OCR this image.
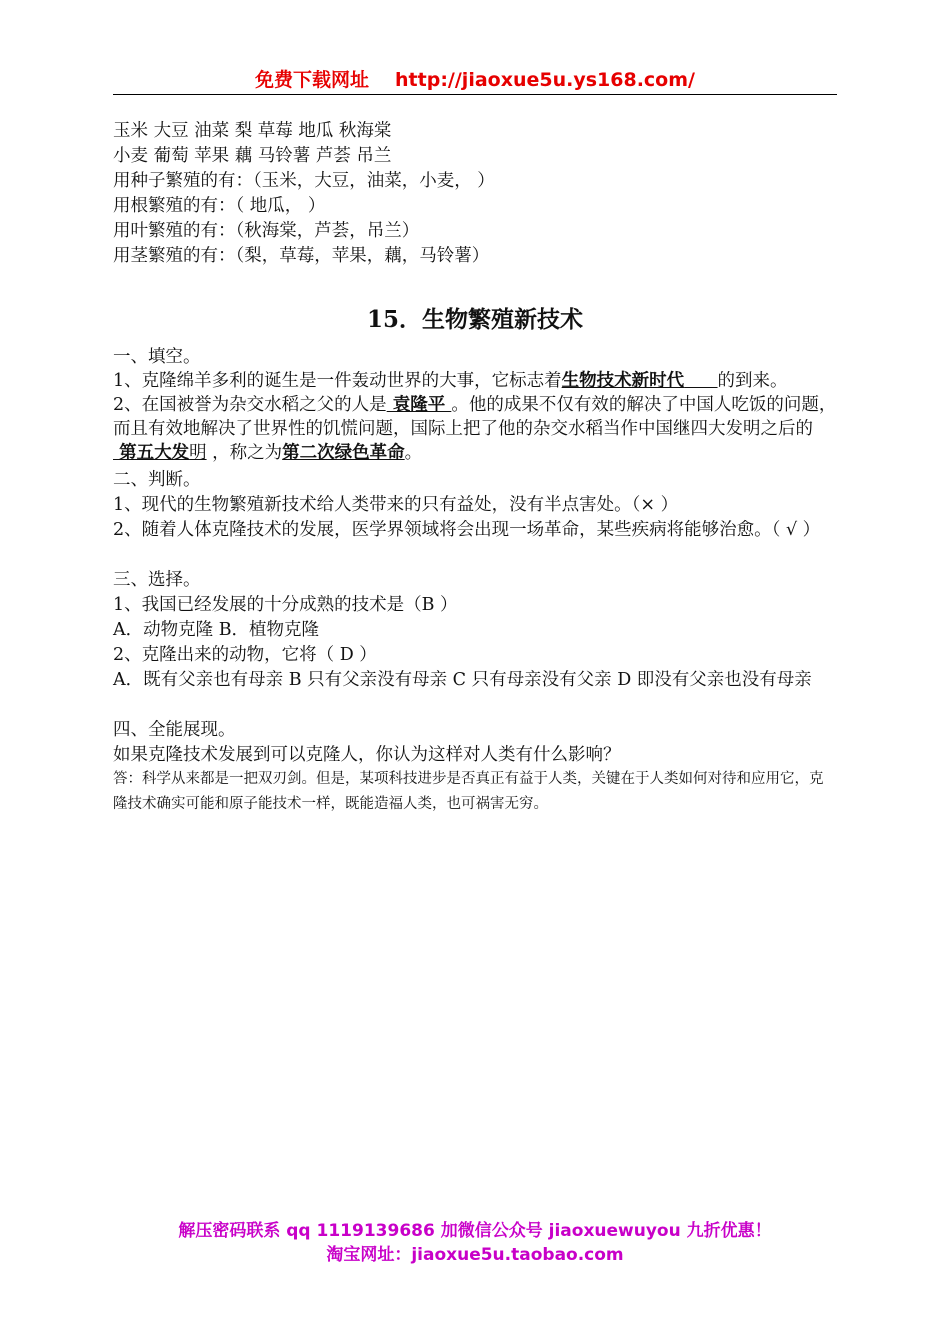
免费下载网址 http://jiaoxue5u.ys168.com/
玉米 大豆 油菜 梨 草莓 地瓜 秋海棠
小麦 葡萄 苹果 藕 马铃薯 芦荟 吊兰
用种子繁殖的有：（玉米，大豆，油菜，小麦， ）
用根繁殖的有：（ 地瓜， ）
用叶繁殖的有：（秋海棠，芦荟，吊兰）
用茎繁殖的有：（梨，草莓，苹果，藕，马铃薯）
15．生物繁殖新技术
一、填空。
1、克隆绵羊多利的诞生是一件轰动世界的大事，它标志着生物技术新时代 的到来。
2、在国被誉为杂交水稻之父的人是 袁隆平 。他的成果不仅有效的解决了中国人吃饭的问题，而且有效地解决了世界性的饥慌问题，国际上把了他的杂交水稻当作中国继四大发明之后的 第五大发明 ，称之为第二次绿色革命。
二、判断。
1、现代的生物繁殖新技术给人类带来的只有益处，没有半点害处。（× ）
2、随着人体克隆技术的发展，医学界领域将会出现一场革命，某些疾病将能够治愈。（ √ ）
三、选择。
1、我国已经发展的十分成熟的技术是（B ）
A．动物克隆 B．植物克隆
2、克隆出来的动物，它将（ D ）
A．既有父亲也有母亲 B 只有父亲没有母亲 C 只有母亲没有父亲 D 即没有父亲也没有母亲
四、全能展现。
如果克隆技术发展到可以克隆人，你认为这样对人类有什么影响？
答：科学从来都是一把双刃剑。但是，某项科技进步是否真正有益于人类，关键在于人类如何对待和应用它，克隆技术确实可能和原子能技术一样，既能造福人类，也可祸害无穷。
解压密码联系 qq 1119139686 加微信公众号 jiaoxuewuyou 九折优惠！
淘宝网址：jiaoxue5u.taobao.com
